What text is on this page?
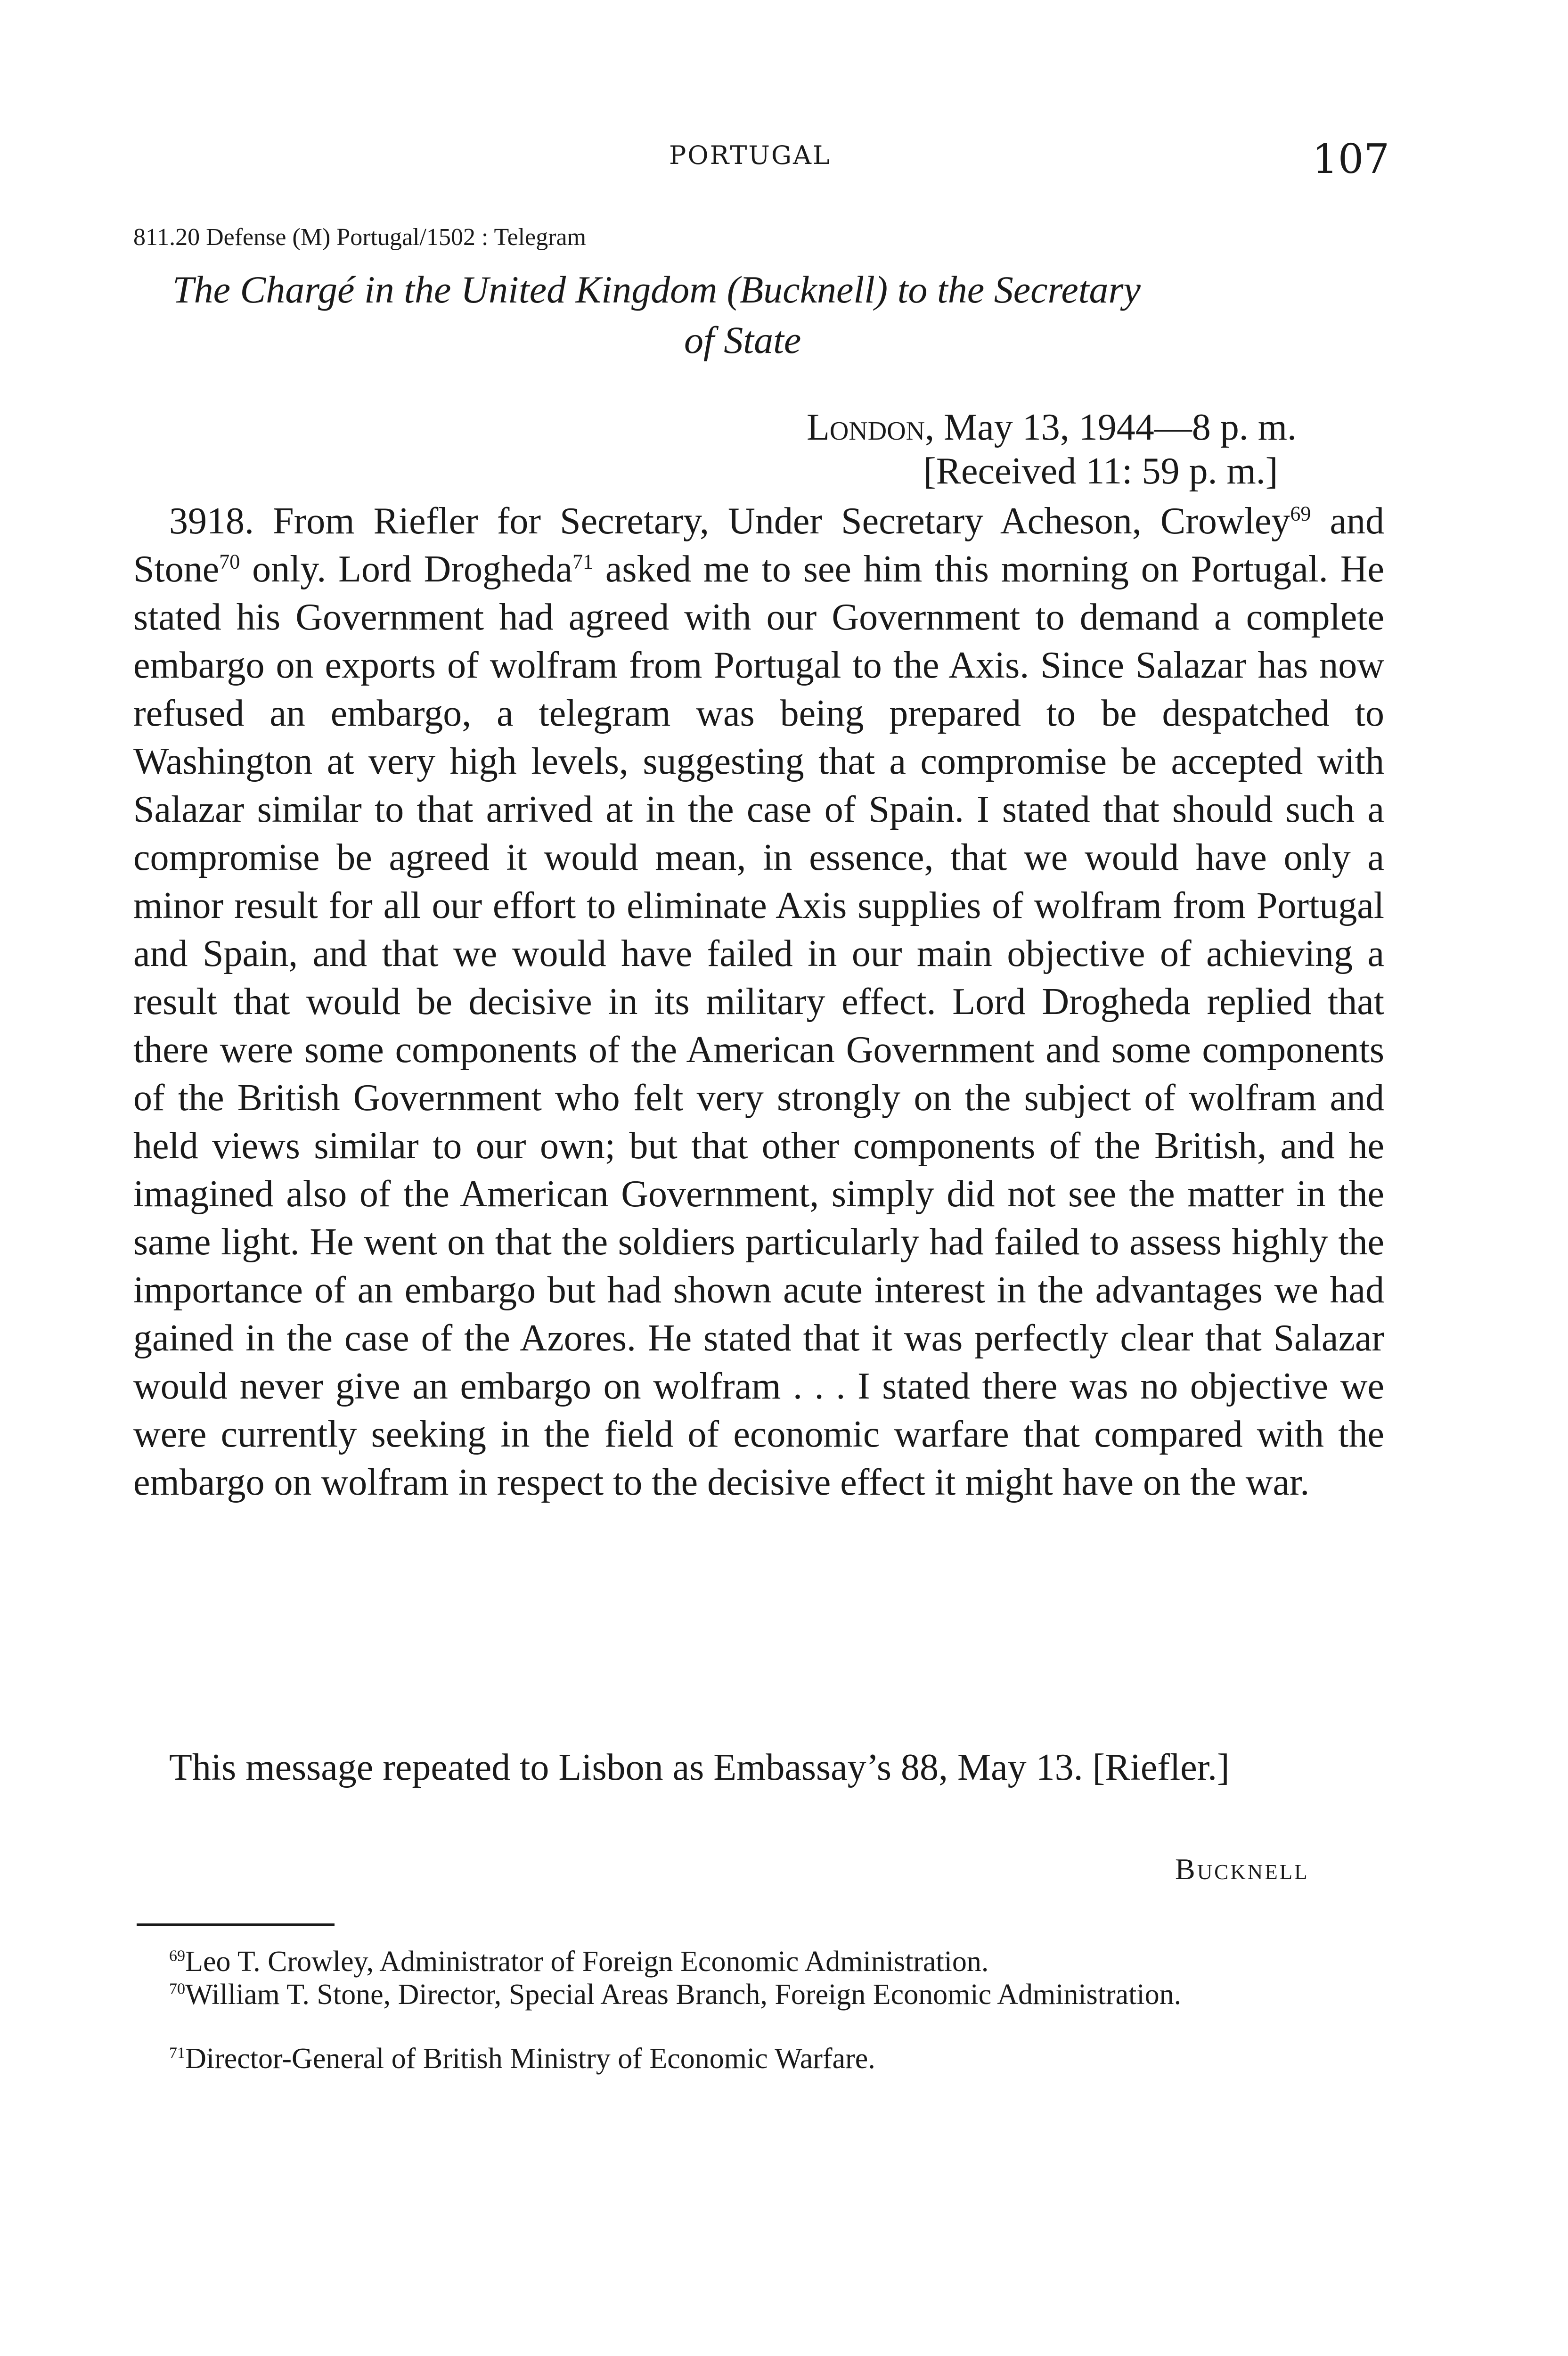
PORTUGAL	107
811.20 Defense (M) Portugal/1502 : Telegram
The Chargé in the United Kingdom (Bucknell) to the Secretary
of State
London, May 13, 1944—8 p. m.
[Received 11: 59 p. m.]
3918. From Riefler for Secretary, Under Secretary Acheson, Crowley$^{69}$ and Stone$^{70}$ only. Lord Drogheda$^{71}$ asked me to see him this morning on Portugal. He stated his Government had agreed with our Government to demand a complete embargo on exports of wolfram from Portugal to the Axis. Since Salazar has now refused an embargo, a telegram was being prepared to be despatched to Washington at very high levels, suggesting that a compromise be accepted with Salazar similar to that arrived at in the case of Spain. I stated that should such a compromise be agreed it would mean, in essence, that we would have only a minor result for all our effort to eliminate Axis supplies of wolfram from Portugal and Spain, and that we would have failed in our main objective of achieving a result that would be decisive in its military effect. Lord Drogheda replied that there were some components of the American Government and some components of the British Government who felt very strongly on the subject of wolfram and held views similar to our own; but that other components of the British, and he imagined also of the American Government, simply did not see the matter in the same light. He went on that the soldiers particularly had failed to assess highly the importance of an embargo but had shown acute interest in the advantages we had gained in the case of the Azores. He stated that it was perfectly clear that Salazar would never give an embargo on wolfram . . . I stated there was no objective we were currently seeking in the field of economic warfare that compared with the embargo on wolfram in respect to the decisive effect it might have on the war.
This message repeated to Lisbon as Embassay’s 88, May 13. [Riefler.]
Bucknell
$^{69}$Leo T. Crowley, Administrator of Foreign Economic Administration.
$^{70}$William T. Stone, Director, Special Areas Branch, Foreign Economic Administration.
$^{71}$Director-General of British Ministry of Economic Warfare.
